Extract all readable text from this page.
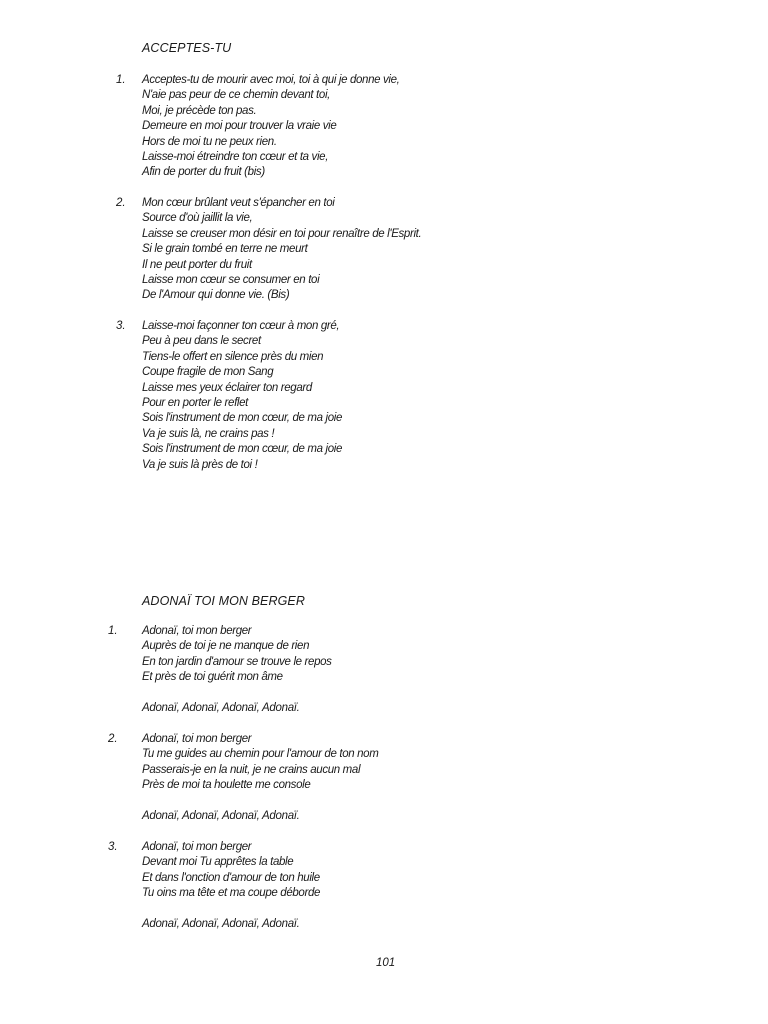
ACCEPTES-TU
1. Acceptes-tu de mourir avec moi, toi à qui je donne vie,
N'aie pas peur de ce chemin devant toi,
Moi, je précède ton pas.
Demeure en moi pour trouver la vraie vie
Hors de moi tu ne peux rien.
Laisse-moi étreindre ton cœur et ta vie,
Afin de porter du fruit (bis)
2. Mon cœur brûlant veut s'épancher en toi
Source d'où jaillit la vie,
Laisse se creuser mon désir en toi pour renaître de l'Esprit.
Si le grain tombé en terre ne meurt
Il ne peut porter du fruit
Laisse mon cœur se consumer en toi
De l'Amour qui donne vie. (Bis)
3. Laisse-moi façonner ton cœur à mon gré,
Peu à peu dans le secret
Tiens-le offert en silence près du mien
Coupe fragile de mon Sang
Laisse mes yeux éclairer ton regard
Pour en porter le reflet
Sois l'instrument de mon cœur, de ma joie
Va je suis là, ne crains pas !
Sois l'instrument de mon cœur, de ma joie
Va je suis là près de toi !
ADONAÏ TOI MON BERGER
1. Adonaï, toi mon berger
Auprès de toi je ne manque de rien
En ton jardin d'amour se trouve le repos
Et près de toi guérit mon âme
Adonaï, Adonaï, Adonaï, Adonaï.
2. Adonaï, toi mon berger
Tu me guides au chemin pour l'amour de ton nom
Passerais-je en la nuit, je ne crains aucun mal
Près de moi ta houlette me console
Adonaï, Adonaï, Adonaï, Adonaï.
3. Adonaï, toi mon berger
Devant moi Tu apprêtes la table
Et dans l'onction d'amour de ton huile
Tu oins ma tête et ma coupe déborde
Adonaï, Adonaï, Adonaï, Adonaï.
101
